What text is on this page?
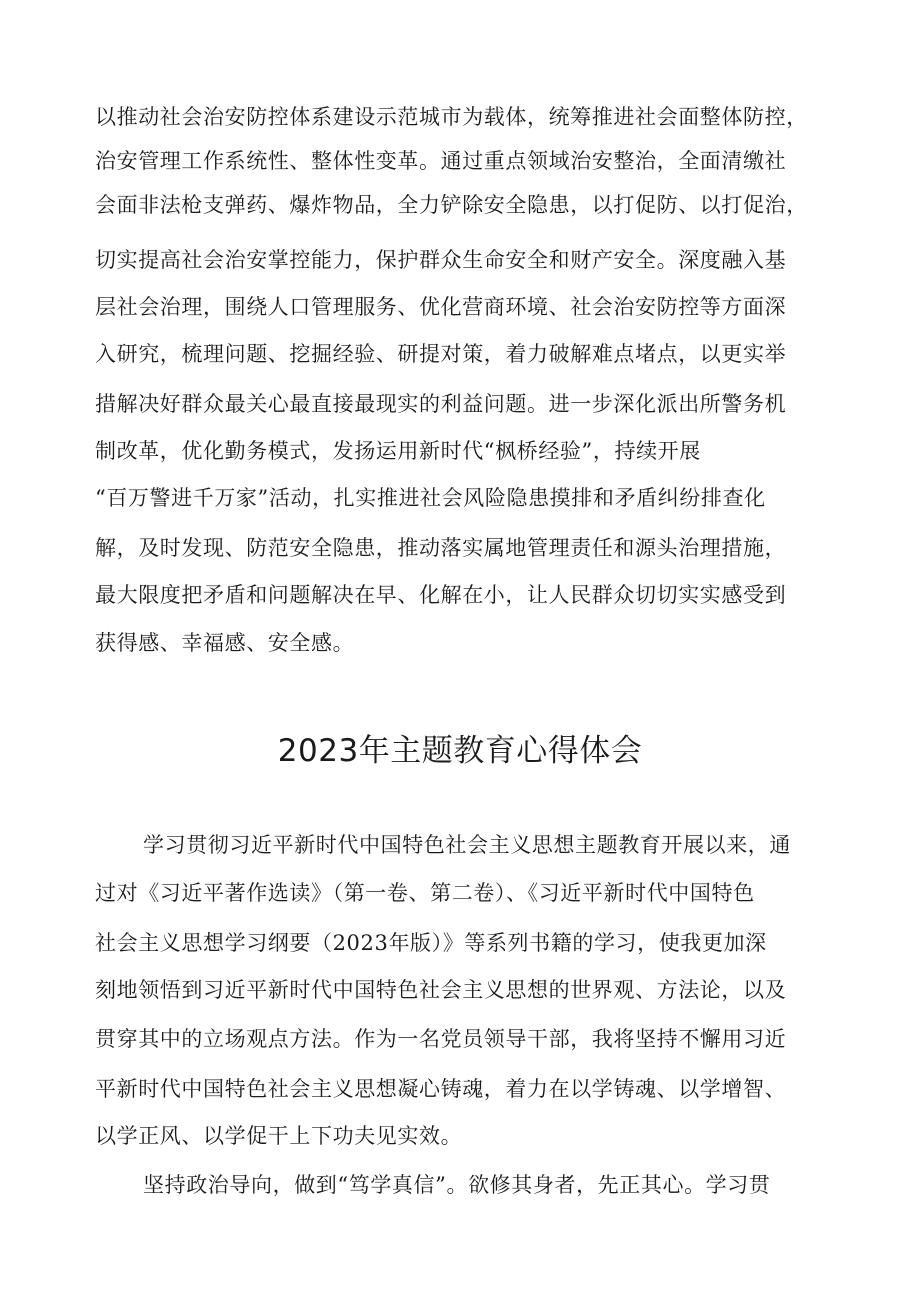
以推动社会治安防控体系建设示范城市为载体，统筹推进社会面整体防控，

治安管理工作系统性、整体性变革。通过重点领域治安整治，全面清缴社

会面非法枪支弹药、爆炸物品，全力铲除安全隐患，以打促防、以打促治，

切实提高社会治安掌控能力，保护群众生命安全和财产安全。深度融入基

层社会治理，围绕人口管理服务、优化营商环境、社会治安防控等方面深

入研究，梳理问题、挖掘经验、研提对策，着力破解难点堵点，以更实举

措解决好群众最关心最直接最现实的利益问题。进一步深化派出所警务机

制改革，优化勤务模式，发扬运用新时代“枫桥经验”，持续开展

“百万警进千万家”活动，扎实推进社会风险隐患摸排和矛盾纠纷排查化

解，及时发现、防范安全隐患，推动落实属地管理责任和源头治理措施，

最大限度把矛盾和问题解决在早、化解在小，让人民群众切切实实感受到

获得感、幸福感、安全感。

2023年主题教育心得体会

学习贯彻习近平新时代中国特色社会主义思想主题教育开展以来，通

过对《习近平著作选读》（第一卷、第二卷）、《习近平新时代中国特色

社会主义思想学习纲要（2023年版）》等系列书籍的学习，使我更加深

刻地领悟到习近平新时代中国特色社会主义思想的世界观、方法论，以及

贯穿其中的立场观点方法。作为一名党员领导干部，我将坚持不懈用习近

平新时代中国特色社会主义思想凝心铸魂，着力在以学铸魂、以学增智、

以学正风、以学促干上下功夫见实效。

坚持政治导向，做到“笃学真信”。欲修其身者，先正其心。学习贯
